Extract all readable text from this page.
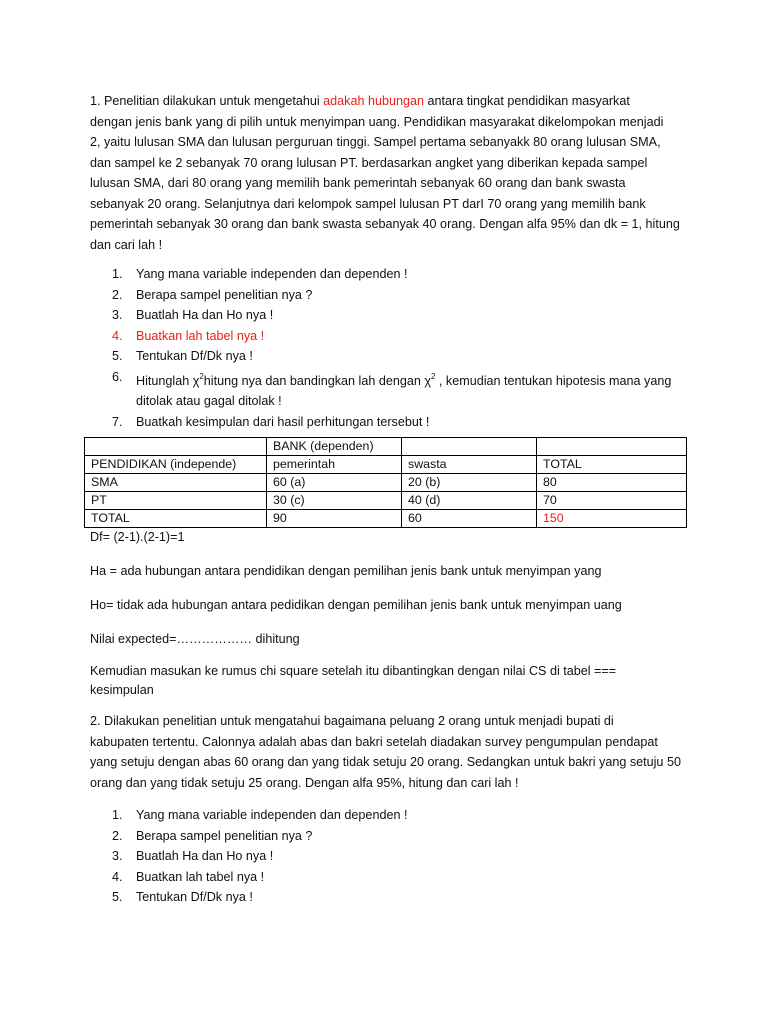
1. Penelitian dilakukan untuk mengetahui adakah hubungan antara tingkat pendidikan masyarkat
dengan jenis bank yang di pilih untuk menyimpan uang. Pendidikan masyarakat dikelompokan menjadi
2, yaitu lulusan SMA dan lulusan perguruan tinggi. Sampel pertama sebanyakk 80 orang lulusan SMA,
dan sampel ke 2 sebanyak 70 orang lulusan PT. berdasarkan angket yang diberikan kepada sampel
lulusan SMA, dari 80 orang yang memilih bank pemerintah sebanyak 60 orang dan bank swasta
sebanyak 20 orang. Selanjutnya dari kelompok sampel lulusan PT darI 70 orang yang memilih bank
pemerintah sebanyak 30 orang dan bank swasta sebanyak 40 orang. Dengan alfa 95% dan dk = 1, hitung
dan cari lah !
1. Yang mana variable independen dan dependen !
2. Berapa sampel penelitian nya ?
3. Buatlah Ha dan Ho nya !
4. Buatkan lah tabel nya !
5. Tentukan Df/Dk nya !
6. Hitunglah $\chi^2hitung$ nya dan bandingkan lah dengan $\chi^2$ , kemudian tentukan hipotesis mana yang
ditolak atau gagal ditolak !
7. Buatkah kesimpulan dari hasil perhitungan tersebut !
	BANK (dependen)		
PENDIDIKAN (independe)	pemerintah	swasta	TOTAL
SMA	60 (a)	20 (b)	80
PT	30 (c)	40 (d)	70
TOTAL	90	60	150
Df= (2-1).(2-1)=1
Ha = ada hubungan antara pendidikan dengan pemilihan jenis bank untuk menyimpan yang
Ho= tidak ada hubungan antara pedidikan dengan pemilihan jenis bank untuk menyimpan uang
Nilai expected=……………… dihitung
Kemudian masukan ke rumus chi square setelah itu dibantingkan dengan nilai CS di tabel ===
kesimpulan
2. Dilakukan penelitian untuk mengatahui bagaimana peluang 2 orang untuk menjadi bupati di
kabupaten tertentu. Calonnya adalah abas dan bakri setelah diadakan survey pengumpulan pendapat
yang setuju dengan abas 60 orang dan yang tidak setuju 20 orang. Sedangkan untuk bakri yang setuju 50
orang dan yang tidak setuju 25 orang. Dengan alfa 95%, hitung dan cari lah !
1. Yang mana variable independen dan dependen !
2. Berapa sampel penelitian nya ?
3. Buatlah Ha dan Ho nya !
4. Buatkan lah tabel nya !
5. Tentukan Df/Dk nya !
